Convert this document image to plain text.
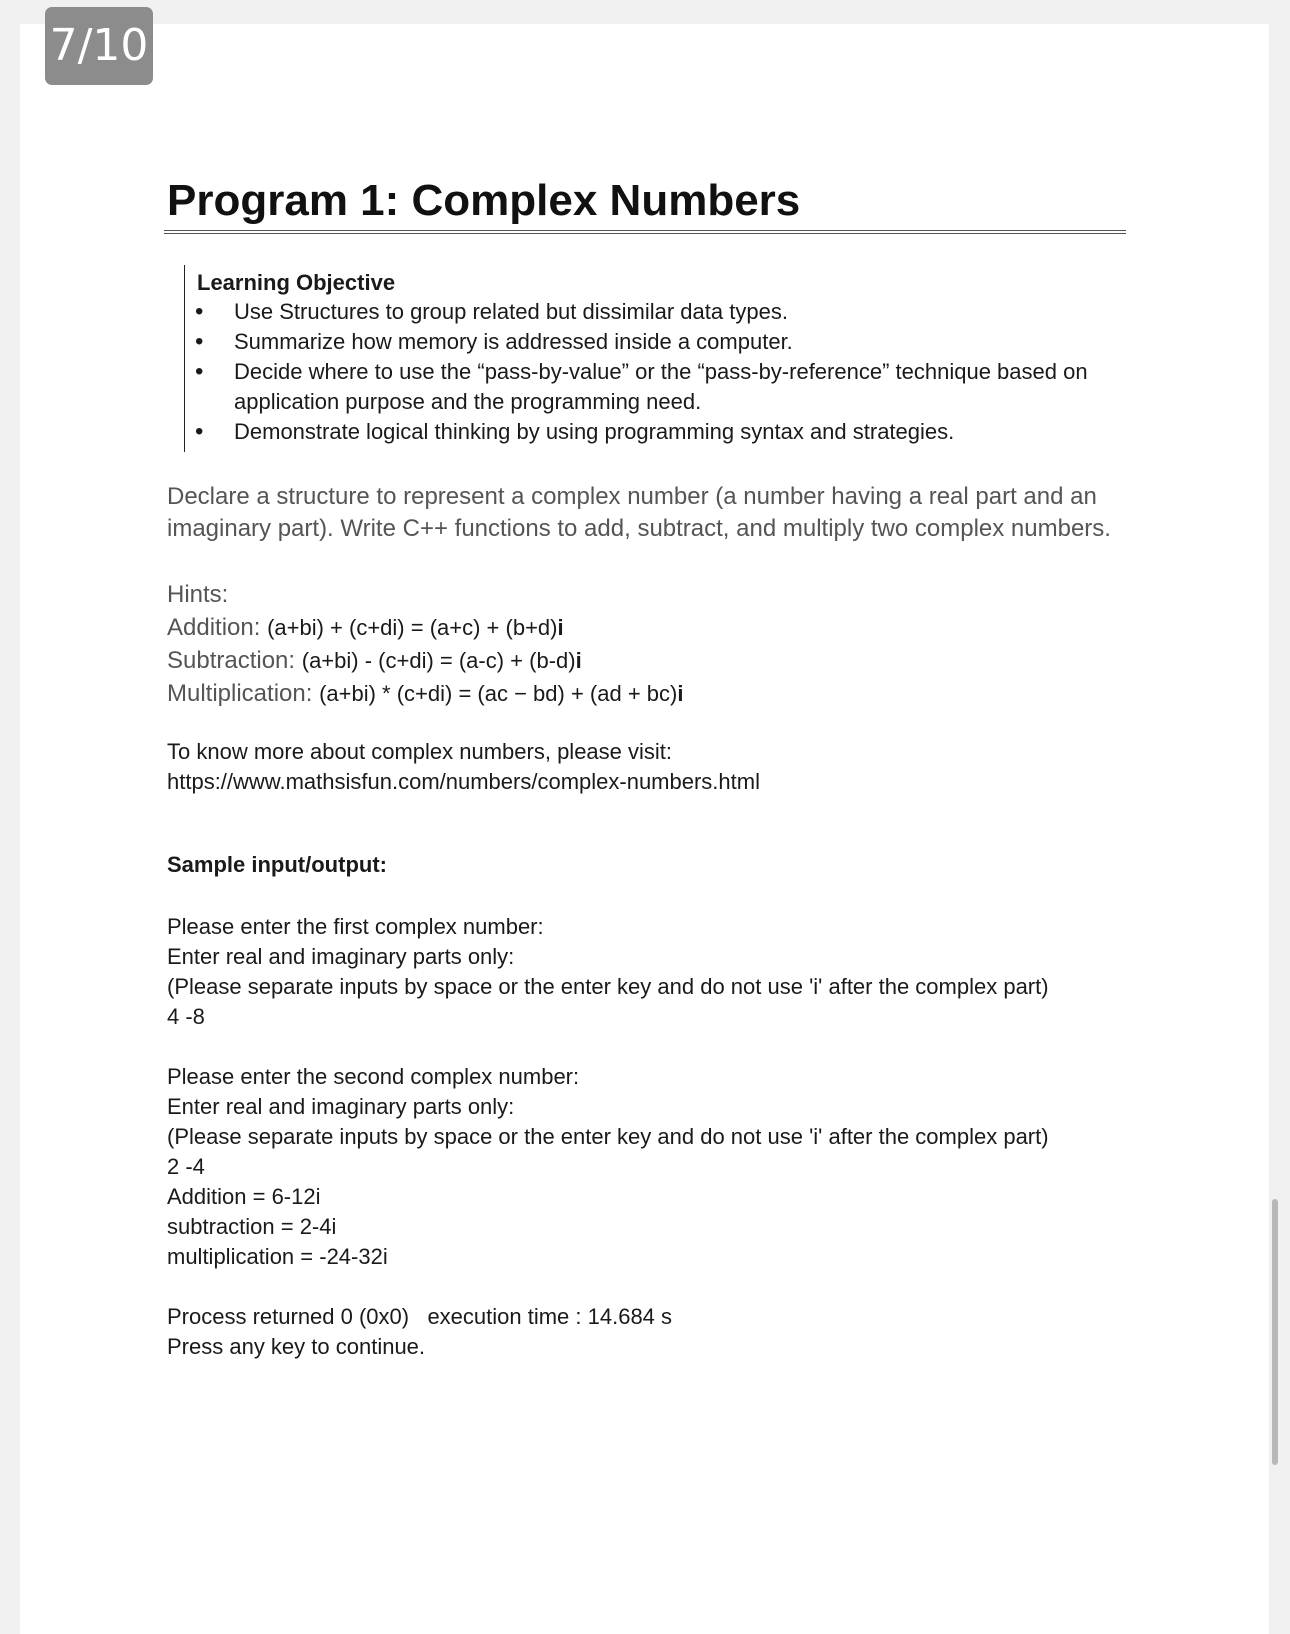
7/10
Program 1: Complex Numbers
Learning Objective
• Use Structures to group related but dissimilar data types.
• Summarize how memory is addressed inside a computer.
• Decide where to use the “pass-by-value” or the “pass-by-reference” technique based on application purpose and the programming need.
• Demonstrate logical thinking by using programming syntax and strategies.

Declare a structure to represent a complex number (a number having a real part and an imaginary part). Write C++ functions to add, subtract, and multiply two complex numbers.

Hints:
Addition: (a+bi) + (c+di) = (a+c) + (b+d)i
Subtraction: (a+bi) - (c+di) = (a-c) + (b-d)i
Multiplication: (a+bi) * (c+di) = (ac − bd) + (ad + bc)i
To know more about complex numbers, please visit:
https://www.mathsisfun.com/numbers/complex-numbers.html
Sample input/output:
Please enter the first complex number:
Enter real and imaginary parts only:
(Please separate inputs by space or the enter key and do not use 'i' after the complex part)
4 -8
Please enter the second complex number:
Enter real and imaginary parts only:
(Please separate inputs by space or the enter key and do not use 'i' after the complex part)
2 -4
Addition = 6-12i
subtraction = 2-4i
multiplication = -24-32i
Process returned 0 (0x0)   execution time : 14.684 s
Press any key to continue.
